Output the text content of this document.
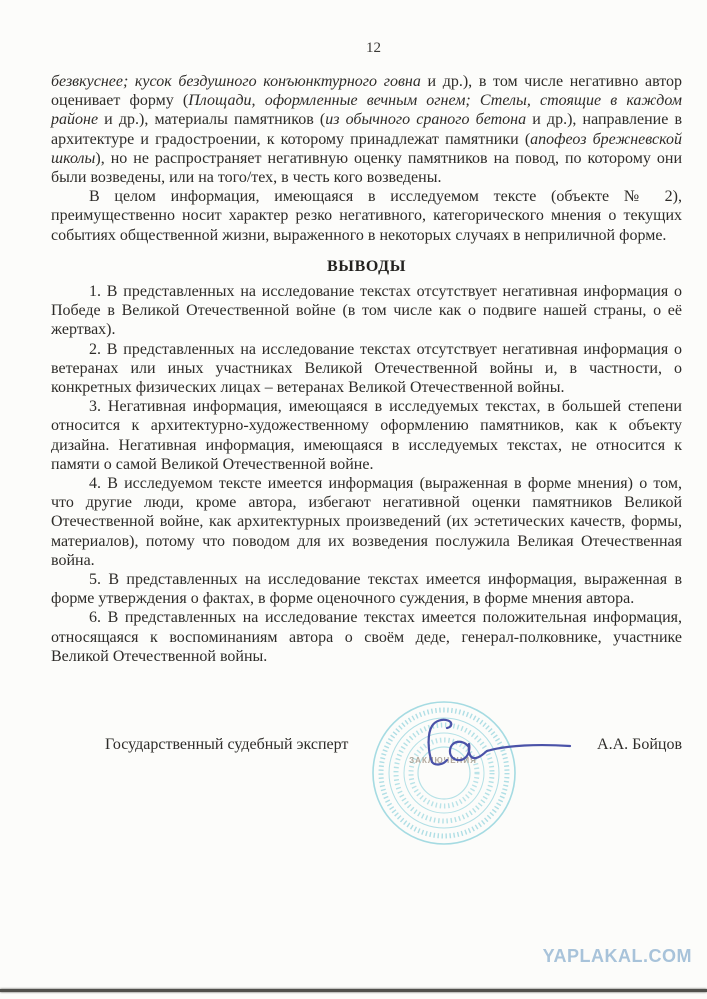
12

безвкуснее; кусок бездушного конъюнктурного говна и др.), в том числе негативно автор оценивает форму (Площади, оформленные вечным огнем; Стелы, стоящие в каждом районе и др.), материалы памятников (из обычного сраного бетона и др.), направление в архитектуре и градостроении, к которому принадлежат памятники (апофеоз брежневской школы), но не распространяет негативную оценку памятников на повод, по которому они были возведены, или на того/тех, в честь кого возведены.

В целом информация, имеющаяся в исследуемом тексте (объекте № 2), преимущественно носит характер резко негативного, категорического мнения о текущих событиях общественной жизни, выраженного в некоторых случаях в неприличной форме.

ВЫВОДЫ

1. В представленных на исследование текстах отсутствует негативная информация о Победе в Великой Отечественной войне (в том числе как о подвиге нашей страны, о её жертвах).

2. В представленных на исследование текстах отсутствует негативная информация о ветеранах или иных участниках Великой Отечественной войны и, в частности, о конкретных физических лицах – ветеранах Великой Отечественной войны.

3. Негативная информация, имеющаяся в исследуемых текстах, в большей степени относится к архитектурно-художественному оформлению памятников, как к объекту дизайна. Негативная информация, имеющаяся в исследуемых текстах, не относится к памяти о самой Великой Отечественной войне.

4. В исследуемом тексте имеется информация (выраженная в форме мнения) о том, что другие люди, кроме автора, избегают негативной оценки памятников Великой Отечественной войне, как архитектурных произведений (их эстетических качеств, формы, материалов), потому что поводом для их возведения послужила Великая Отечественная война.

5. В представленных на исследование текстах имеется информация, выраженная в форме утверждения о фактах, в форме оценочного суждения, в форме мнения автора.

6. В представленных на исследование текстах имеется положительная информация, относящаяся к воспоминаниям автора о своём деде, генерал-полковнике, участнике Великой Отечественной войны.

ЗАКЛЮЧЕНИЯ
Государственный судебный эксперт	А.А. Бойцов
YAPLAKAL.COM
